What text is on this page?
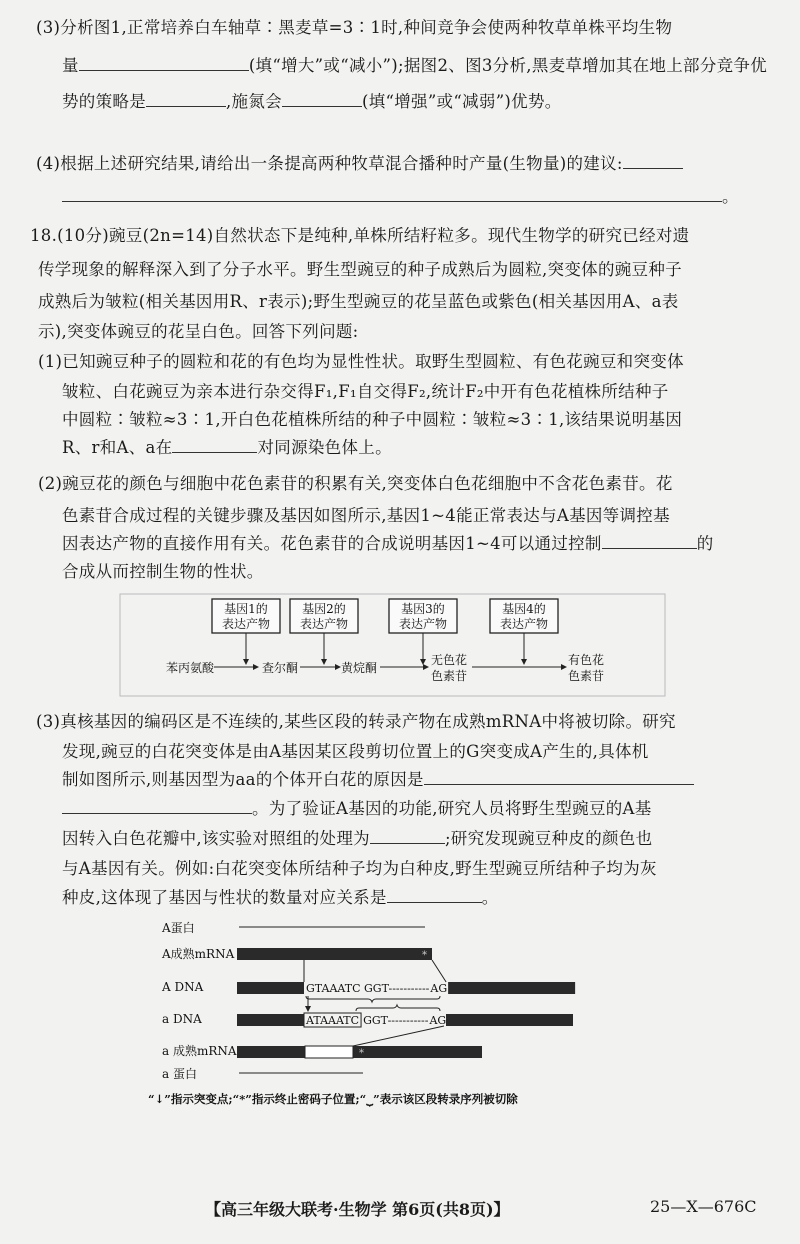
(3)分析图1,正常培养白车轴草∶黑麦草=3∶1时,种间竞争会使两种牧草单株平均生物
量	(填“增大”或“减小”);据图2、图3分析,黑麦草增加其在地上部分竞争优
势的策略是	,施氮会	(填“增强”或“减弱”)优势。
(4)根据上述研究结果,请给出一条提高两种牧草混合播种时产量(生物量)的建议:
。
18.(10分)豌豆(2n=14)自然状态下是纯种,单株所结籽粒多。现代生物学的研究已经对遗
传学现象的解释深入到了分子水平。野生型豌豆的种子成熟后为圆粒,突变体的豌豆种子
成熟后为皱粒(相关基因用R、r表示);野生型豌豆的花呈蓝色或紫色(相关基因用A、a表
示),突变体豌豆的花呈白色。回答下列问题:
(1)已知豌豆种子的圆粒和花的有色均为显性性状。取野生型圆粒、有色花豌豆和突变体
皱粒、白花豌豆为亲本进行杂交得F₁,F₁自交得F₂,统计F₂中开有色花植株所结种子
中圆粒∶皱粒≈3∶1,开白色花植株所结的种子中圆粒∶皱粒≈3∶1,该结果说明基因
R、r和A、a在	对同源染色体上。
(2)豌豆花的颜色与细胞中花色素苷的积累有关,突变体白色花细胞中不含花色素苷。花
色素苷合成过程的关键步骤及基因如图所示,基因1~4能正常表达与A基因等调控基
因表达产物的直接作用有关。花色素苷的合成说明基因1~4可以通过控制	的
合成从而控制生物的性状。
(3)真核基因的编码区是不连续的,某些区段的转录产物在成熟mRNA中将被切除。研究
发现,豌豆的白花突变体是由A基因某区段剪切位置上的G突变成A产生的,具体机
制如图所示,则基因型为aa的个体开白花的原因是
。为了验证A基因的功能,研究人员将野生型豌豆的A基
因转入白色花瓣中,该实验对照组的处理为	;研究发现豌豆种皮的颜色也
与A基因有关。例如:白花突变体所结种子均为白种皮,野生型豌豆所结种子均为灰
种皮,这体现了基因与性状的数量对应关系是	。
基因1的
表达产物
基因2的
表达产物
基因3的
表达产物
基因4的
表达产物
苯丙氨酸	查尔酮	黄烷酮
无色花
色素苷
有色花
色素苷
A蛋白
A成熟mRNA
A DNA
a DNA
a 成熟mRNA
a 蛋白
*
GTAAATC GGT-----------AG
ATAAATC GGT-----------AG
*
“↓”指示突变点;“*”指示终止密码子位置;“⏟”表示该区段转录序列被切除
【高三年级大联考·生物学 第6页(共8页)】	25—X—676C
